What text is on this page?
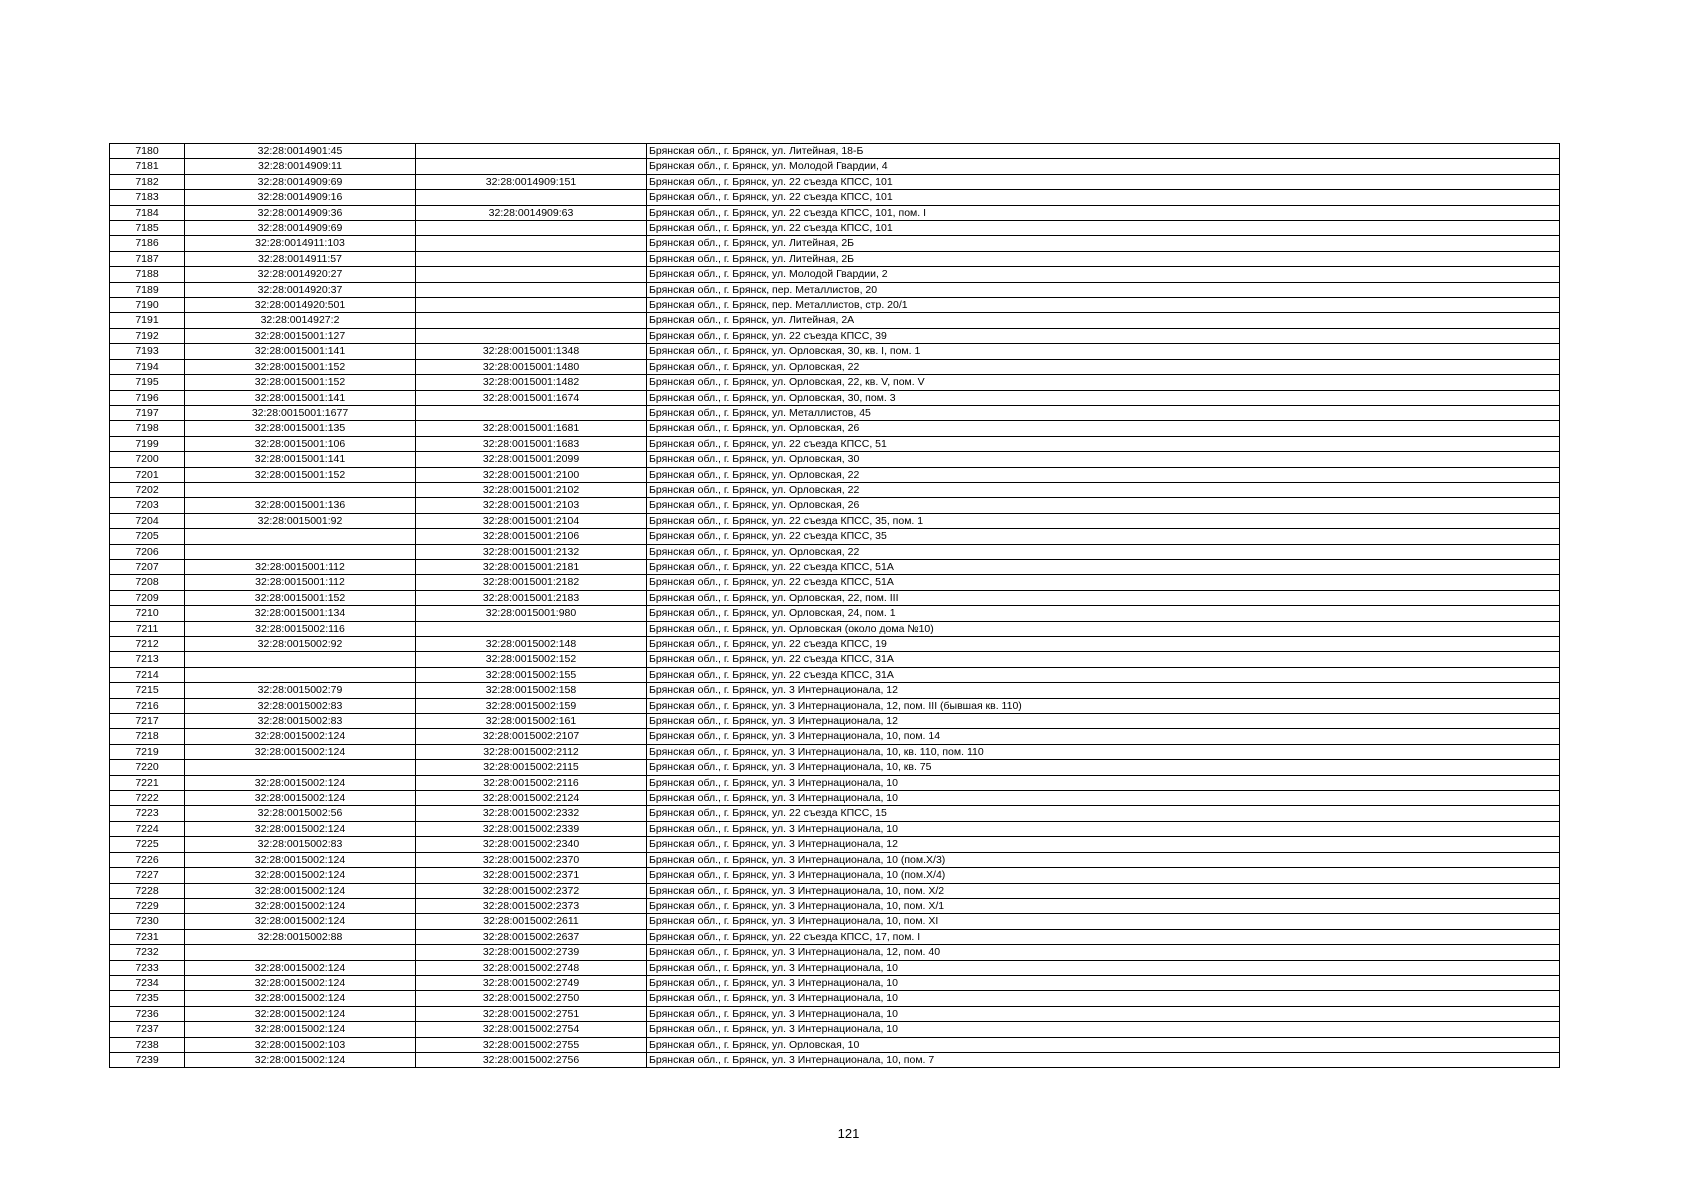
7180	32:28:0014901:45		Брянская обл., г. Брянск, ул. Литейная, 18-Б
7181	32:28:0014909:11		Брянская обл., г. Брянск, ул. Молодой Гвардии, 4
7182	32:28:0014909:69	32:28:0014909:151	Брянская обл., г. Брянск, ул. 22 съезда КПСС, 101
7183	32:28:0014909:16		Брянская обл., г. Брянск, ул. 22 съезда КПСС, 101
7184	32:28:0014909:36	32:28:0014909:63	Брянская обл., г. Брянск, ул. 22 съезда КПСС, 101, пом. I
7185	32:28:0014909:69		Брянская обл., г. Брянск, ул. 22 съезда КПСС, 101
7186	32:28:0014911:103		Брянская обл., г. Брянск, ул. Литейная, 2Б
7187	32:28:0014911:57		Брянская обл., г. Брянск, ул. Литейная, 2Б
7188	32:28:0014920:27		Брянская обл., г. Брянск, ул. Молодой Гвардии, 2
7189	32:28:0014920:37		Брянская обл., г. Брянск, пер. Металлистов, 20
7190	32:28:0014920:501		Брянская обл., г. Брянск, пер. Металлистов, стр. 20/1
7191	32:28:0014927:2		Брянская обл., г. Брянск, ул. Литейная, 2А
7192	32:28:0015001:127		Брянская обл., г. Брянск, ул. 22 съезда КПСС, 39
7193	32:28:0015001:141	32:28:0015001:1348	Брянская обл., г. Брянск, ул. Орловская, 30, кв. I, пом. 1
7194	32:28:0015001:152	32:28:0015001:1480	Брянская обл., г. Брянск, ул. Орловская, 22
7195	32:28:0015001:152	32:28:0015001:1482	Брянская обл., г. Брянск, ул. Орловская, 22, кв. V, пом. V
7196	32:28:0015001:141	32:28:0015001:1674	Брянская обл., г. Брянск, ул. Орловская, 30, пом. 3
7197	32:28:0015001:1677		Брянская обл., г. Брянск, ул. Металлистов, 45
7198	32:28:0015001:135	32:28:0015001:1681	Брянская обл., г. Брянск, ул. Орловская, 26
7199	32:28:0015001:106	32:28:0015001:1683	Брянская обл., г. Брянск, ул. 22 съезда КПСС, 51
7200	32:28:0015001:141	32:28:0015001:2099	Брянская обл., г. Брянск, ул. Орловская, 30
7201	32:28:0015001:152	32:28:0015001:2100	Брянская обл., г. Брянск, ул. Орловская, 22
7202		32:28:0015001:2102	Брянская обл., г. Брянск, ул. Орловская, 22
7203	32:28:0015001:136	32:28:0015001:2103	Брянская обл., г. Брянск, ул. Орловская, 26
7204	32:28:0015001:92	32:28:0015001:2104	Брянская обл., г. Брянск, ул. 22 съезда КПСС, 35, пом. 1
7205		32:28:0015001:2106	Брянская обл., г. Брянск, ул. 22 съезда КПСС, 35
7206		32:28:0015001:2132	Брянская обл., г. Брянск, ул. Орловская, 22
7207	32:28:0015001:112	32:28:0015001:2181	Брянская обл., г. Брянск, ул. 22 съезда КПСС, 51А
7208	32:28:0015001:112	32:28:0015001:2182	Брянская обл., г. Брянск, ул. 22 съезда КПСС, 51А
7209	32:28:0015001:152	32:28:0015001:2183	Брянская обл., г. Брянск, ул. Орловская, 22, пом. III
7210	32:28:0015001:134	32:28:0015001:980	Брянская обл., г. Брянск, ул. Орловская, 24, пом. 1
7211	32:28:0015002:116		Брянская обл., г. Брянск, ул. Орловская (около дома №10)
7212	32:28:0015002:92	32:28:0015002:148	Брянская обл., г. Брянск, ул. 22 съезда КПСС, 19
7213		32:28:0015002:152	Брянская обл., г. Брянск, ул. 22 съезда КПСС, 31А
7214		32:28:0015002:155	Брянская обл., г. Брянск, ул. 22 съезда КПСС, 31А
7215	32:28:0015002:79	32:28:0015002:158	Брянская обл., г. Брянск, ул. 3 Интернационала, 12
7216	32:28:0015002:83	32:28:0015002:159	Брянская обл., г. Брянск, ул. 3 Интернационала, 12, пом. III (бывшая кв. 110)
7217	32:28:0015002:83	32:28:0015002:161	Брянская обл., г. Брянск, ул. 3 Интернационала, 12
7218	32:28:0015002:124	32:28:0015002:2107	Брянская обл., г. Брянск, ул. 3 Интернационала, 10, пом. 14
7219	32:28:0015002:124	32:28:0015002:2112	Брянская обл., г. Брянск, ул. 3 Интернационала, 10, кв. 110, пом. 110
7220		32:28:0015002:2115	Брянская обл., г. Брянск, ул. 3 Интернационала, 10, кв. 75
7221	32:28:0015002:124	32:28:0015002:2116	Брянская обл., г. Брянск, ул. 3 Интернационала, 10
7222	32:28:0015002:124	32:28:0015002:2124	Брянская обл., г. Брянск, ул. 3 Интернационала, 10
7223	32:28:0015002:56	32:28:0015002:2332	Брянская обл., г. Брянск, ул. 22 съезда КПСС, 15
7224	32:28:0015002:124	32:28:0015002:2339	Брянская обл., г. Брянск, ул. 3 Интернационала, 10
7225	32:28:0015002:83	32:28:0015002:2340	Брянская обл., г. Брянск, ул. 3 Интернационала, 12
7226	32:28:0015002:124	32:28:0015002:2370	Брянская обл., г. Брянск, ул. 3 Интернационала, 10 (пом.X/3)
7227	32:28:0015002:124	32:28:0015002:2371	Брянская обл., г. Брянск, ул. 3 Интернационала, 10 (пом.X/4)
7228	32:28:0015002:124	32:28:0015002:2372	Брянская обл., г. Брянск, ул. 3 Интернационала, 10, пом. X/2
7229	32:28:0015002:124	32:28:0015002:2373	Брянская обл., г. Брянск, ул. 3 Интернационала, 10, пом. X/1
7230	32:28:0015002:124	32:28:0015002:2611	Брянская обл., г. Брянск, ул. 3 Интернационала, 10, пом. XI
7231	32:28:0015002:88	32:28:0015002:2637	Брянская обл., г. Брянск, ул. 22 съезда КПСС, 17, пом. I
7232		32:28:0015002:2739	Брянская обл., г. Брянск, ул. 3 Интернационала, 12, пом. 40
7233	32:28:0015002:124	32:28:0015002:2748	Брянская обл., г. Брянск, ул. 3 Интернационала, 10
7234	32:28:0015002:124	32:28:0015002:2749	Брянская обл., г. Брянск, ул. 3 Интернационала, 10
7235	32:28:0015002:124	32:28:0015002:2750	Брянская обл., г. Брянск, ул. 3 Интернационала, 10
7236	32:28:0015002:124	32:28:0015002:2751	Брянская обл., г. Брянск, ул. 3 Интернационала, 10
7237	32:28:0015002:124	32:28:0015002:2754	Брянская обл., г. Брянск, ул. 3 Интернационала, 10
7238	32:28:0015002:103	32:28:0015002:2755	Брянская обл., г. Брянск, ул. Орловская, 10
7239	32:28:0015002:124	32:28:0015002:2756	Брянская обл., г. Брянск, ул. 3 Интернационала, 10, пом. 7
121
